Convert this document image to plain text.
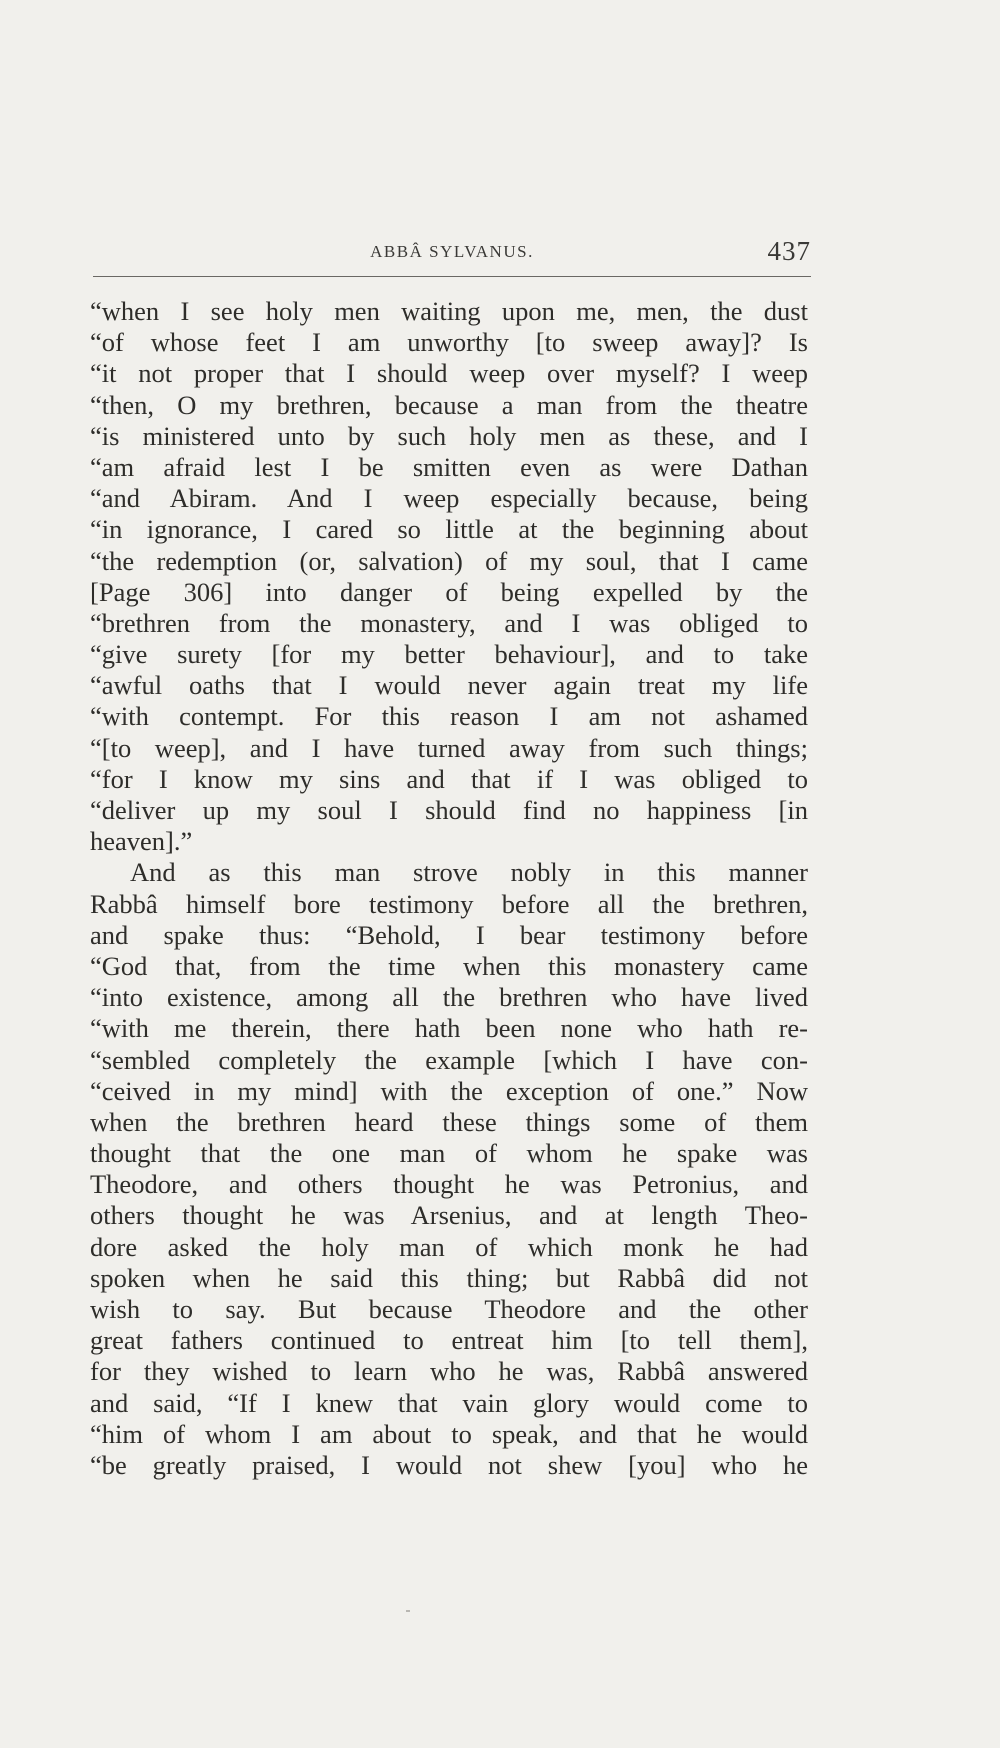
ABBÂ SYLVANUS.	437
“when I see holy men waiting upon me, men, the dust
“of whose feet I am unworthy [to sweep away]? Is
“it not proper that I should weep over myself? I weep
“then, O my brethren, because a man from the theatre
“is ministered unto by such holy men as these, and I
“am afraid lest I be smitten even as were Dathan
“and Abiram. And I weep especially because, being
“in ignorance, I cared so little at the beginning about
“the redemption (or, salvation) of my soul, that I came
[Page 306] into danger of being expelled by the
“brethren from the monastery, and I was obliged to
“give surety [for my better behaviour], and to take
“awful oaths that I would never again treat my life
“with contempt. For this reason I am not ashamed
“[to weep], and I have turned away from such things;
“for I know my sins and that if I was obliged to
“deliver up my soul I should find no happiness [in
heaven].”
And as this man strove nobly in this manner
Rabbâ himself bore testimony before all the brethren,
and spake thus: “Behold, I bear testimony before
“God that, from the time when this monastery came
“into existence, among all the brethren who have lived
“with me therein, there hath been none who hath re-
“sembled completely the example [which I have con-
“ceived in my mind] with the exception of one.” Now
when the brethren heard these things some of them
thought that the one man of whom he spake was
Theodore, and others thought he was Petronius, and
others thought he was Arsenius, and at length Theo-
dore asked the holy man of which monk he had
spoken when he said this thing; but Rabbâ did not
wish to say. But because Theodore and the other
great fathers continued to entreat him [to tell them],
for they wished to learn who he was, Rabbâ answered
and said, “If I knew that vain glory would come to
“him of whom I am about to speak, and that he would
“be greatly praised, I would not shew [you] who he
